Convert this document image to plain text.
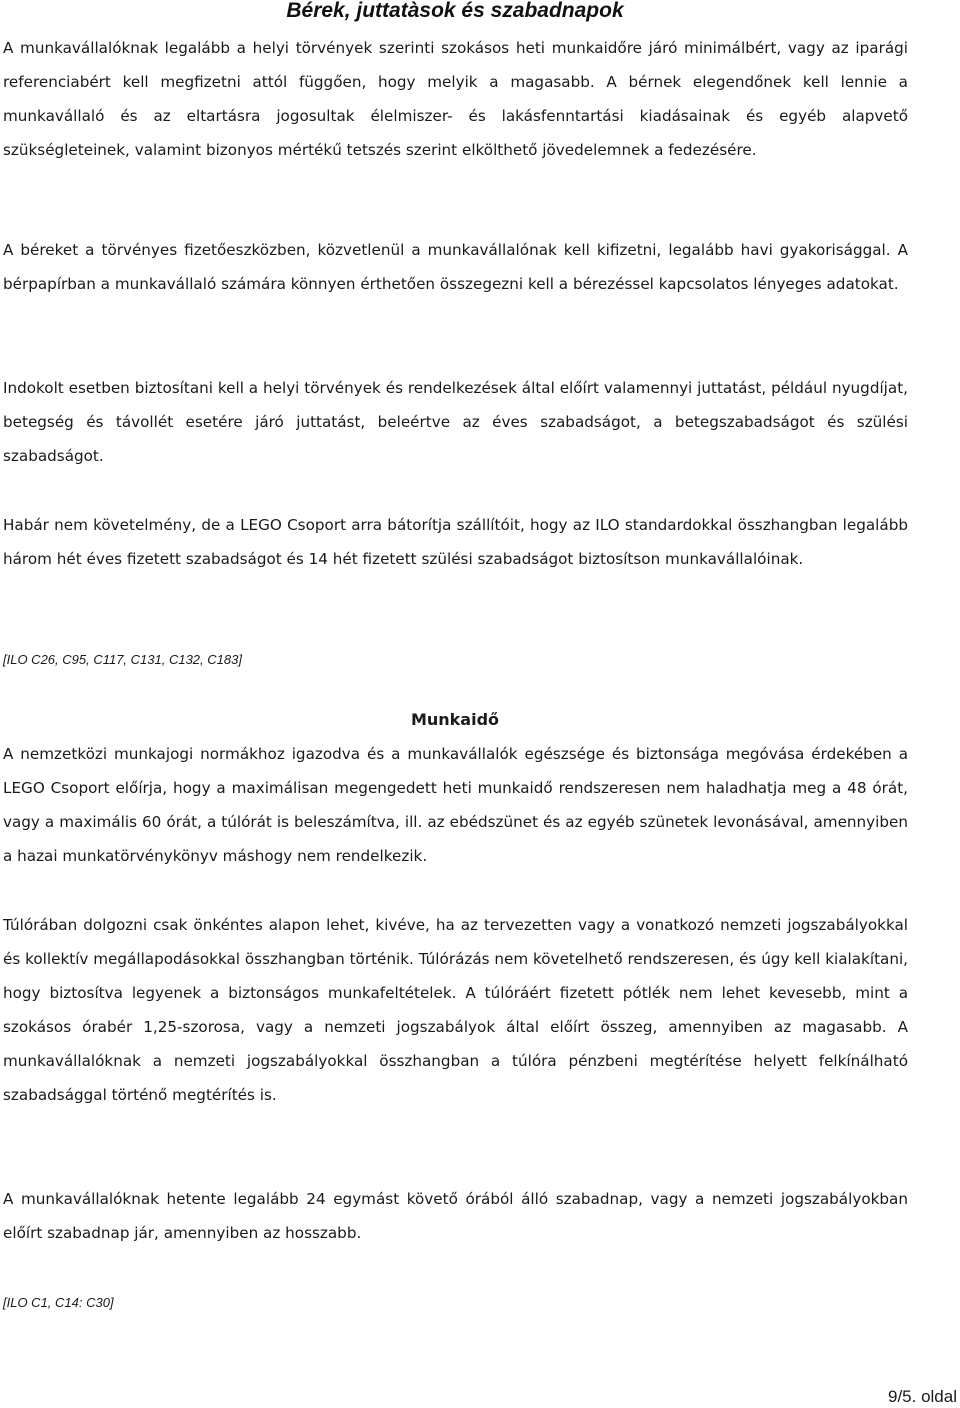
Bérek, juttatàsok és szabadnapok

A munkavállalóknak legalább a helyi törvények szerinti szokásos heti munkaidőre járó minimálbért, vagy az iparági referenciabért kell megfizetni attól függően, hogy melyik a magasabb. A bérnek elegendőnek kell lennie a munkavállaló és az eltartásra jogosultak élelmiszer- és lakásfenntartási kiadásainak és egyéb alapvető szükségleteinek, valamint bizonyos mértékű tetszés szerint elkölthető jövedelemnek a fedezésére.

A béreket a törvényes fizetőeszközben, közvetlenül a munkavállalónak kell kifizetni, legalább havi gyakorisággal. A bérpapírban a munkavállaló számára könnyen érthetően összegezni kell a bérezéssel kapcsolatos lényeges adatokat.

Indokolt esetben biztosítani kell a helyi törvények és rendelkezések által előírt valamennyi juttatást, például nyugdíjat, betegség és távollét esetére járó juttatást, beleértve az éves szabadságot, a betegszabadságot és szülési szabadságot.

Habár nem követelmény, de a LEGO Csoport arra bátorítja szállítóit, hogy az ILO standardokkal összhangban legalább három hét éves fizetett szabadságot és 14 hét fizetett szülési szabadságot biztosítson munkavállalóinak.

[ILO C26, C95, C117, C131, C132, C183]

Munkaidő

A nemzetközi munkajogi normákhoz igazodva és a munkavállalók egészsége és biztonsága megóvása érdekében a LEGO Csoport előírja, hogy a maximálisan megengedett heti munkaidő rendszeresen nem haladhatja meg a 48 órát, vagy a maximális 60 órát, a túlórát is beleszámítva, ill. az ebédszünet és az egyéb szünetek levonásával, amennyiben a hazai munkatörvénykönyv máshogy nem rendelkezik.

Túlórában dolgozni csak önkéntes alapon lehet, kivéve, ha az tervezetten vagy a vonatkozó nemzeti jogszabályokkal és kollektív megállapodásokkal összhangban történik. Túlórázás nem követelhető rendszeresen, és úgy kell kialakítani, hogy biztosítva legyenek a biztonságos munkafeltételek. A túlóráért fizetett pótlék nem lehet kevesebb, mint a szokásos órabér 1,25-szorosa, vagy a nemzeti jogszabályok által előírt összeg, amennyiben az magasabb. A munkavállalóknak a nemzeti jogszabályokkal összhangban a túlóra pénzbeni megtérítése helyett felkínálható szabadsággal történő megtérítés is.

A munkavállalóknak hetente legalább 24 egymást követő órából álló szabadnap, vagy a nemzeti jogszabályokban előírt szabadnap jár, amennyiben az hosszabb.

[ILO C1, C14: C30]

9/5. oldal
